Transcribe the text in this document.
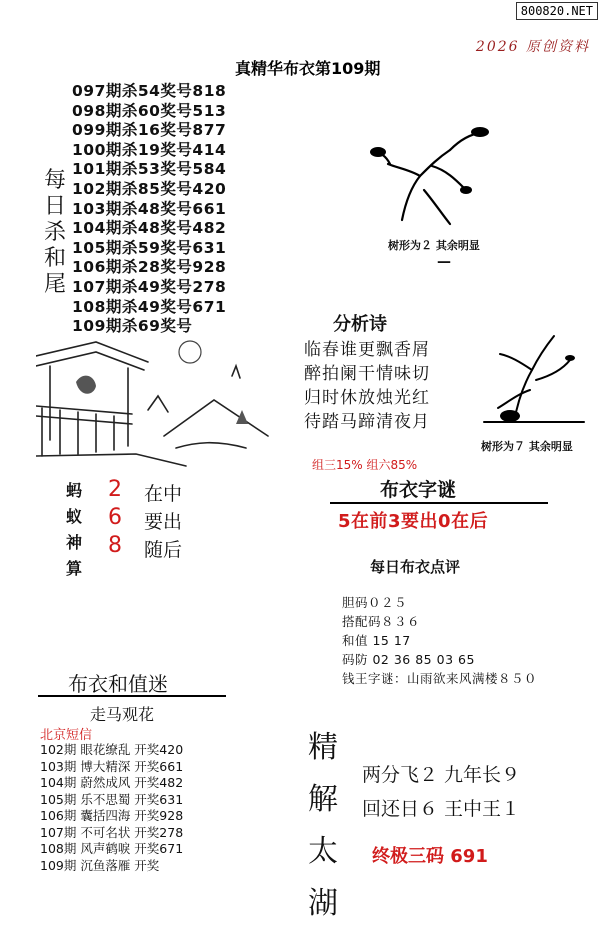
800820.NET
2026 原创资料
真精华布衣第109期
097期杀54奖号818
098期杀60奖号513
099期杀16奖号877
100期杀19奖号414
101期杀53奖号584
102期杀85奖号420
103期杀48奖号661
104期杀48奖号482
105期杀59奖号631
106期杀28奖号928
107期杀49奖号278
108期杀49奖号671
109期杀69奖号
每
日
杀
和
尾
树形为２ 其余明显
—
分析诗
临春谁更飘香屑
醉拍阑干情味切
归时休放烛光红
待踏马蹄清夜月
树形为７ 其余明显
组三15% 组六85%
布衣字谜
5在前3要出0在后
每日布衣点评
胆码０２５
搭配码８３６
和值 15 17
码防 02 36 85 03 65
钱王字谜：山雨欲来风满楼８５０
蚂
蚁
神
算
2
6
8
在中
要出
随后
布衣和值迷
走马观花
北京短信
102期 眼花缭乱 开奖420
103期 博大精深 开奖661
104期 蔚然成风 开奖482
105期 乐不思蜀 开奖631
106期 囊括四海 开奖928
107期 不可名状 开奖278
108期 风声鹤唳 开奖671
109期 沉鱼落雁 开奖
精
解
太
湖
两分飞２ 九年长９
回还日６ 王中王１
终极三码 691
